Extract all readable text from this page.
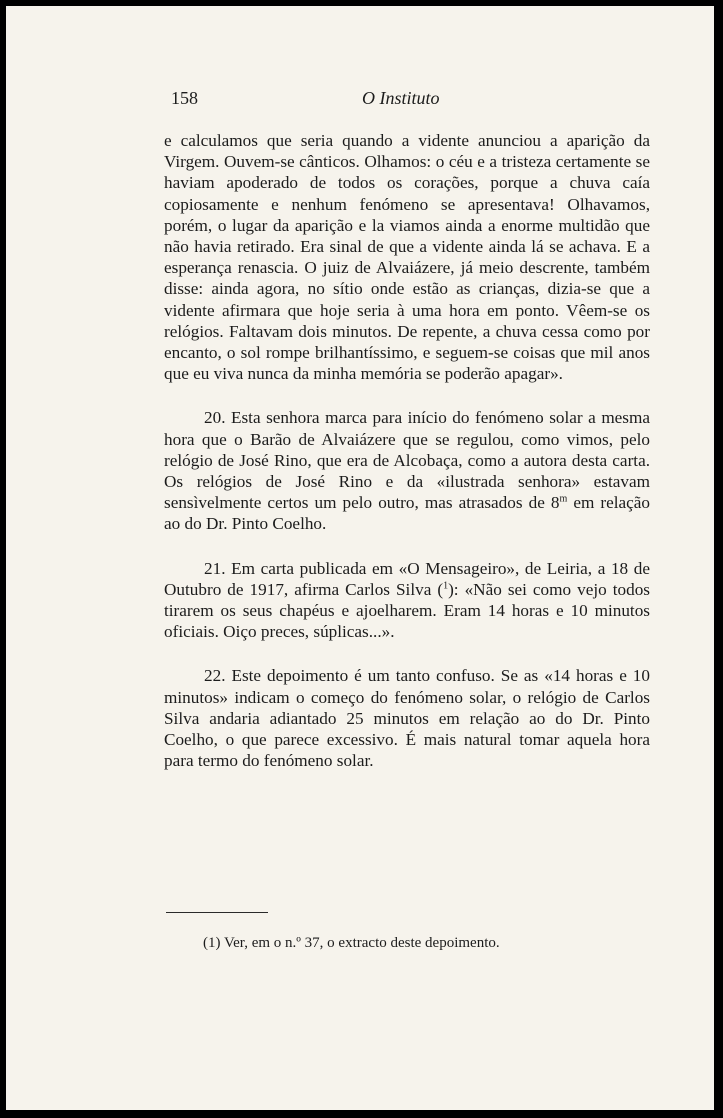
158	O Instituto

e calculamos que seria quando a vidente anunciou a aparição da Virgem. Ouvem-se cânticos. Olhamos: o céu e a tristeza certamente se haviam apoderado de todos os corações, porque a chuva caía copiosamente e nenhum fenómeno se apresentava! Olhavamos, porém, o lugar da aparição e la viamos ainda a enorme multidão que não havia retirado. Era sinal de que a vidente ainda lá se achava. E a esperança renascia. O juiz de Alvaiázere, já meio descrente, também disse: ainda agora, no sítio onde estão as crianças, dizia-se que a vidente afirmara que hoje seria à uma hora em ponto. Vêem-se os relógios. Faltavam dois minutos. De repente, a chuva cessa como por encanto, o sol rompe brilhantíssimo, e seguem-se coisas que mil anos que eu viva nunca da minha memória se poderão apagar».

20. Esta senhora marca para início do fenómeno solar a mesma hora que o Barão de Alvaiázere que se regulou, como vimos, pelo relógio de José Rino, que era de Alcobaça, como a autora desta carta. Os relógios de José Rino e da «ilustrada senhora» estavam sensìvelmente certos um pelo outro, mas atrasados de 8$^m$ em relação ao do Dr. Pinto Coelho.

21. Em carta publicada em «O Mensageiro», de Leiria, a 18 de Outubro de 1917, afirma Carlos Silva ($^1$): «Não sei como vejo todos tirarem os seus chapéus e ajoelharem. Eram 14 horas e 10 minutos oficiais. Oiço preces, súplicas...».

22. Este depoimento é um tanto confuso. Se as «14 horas e 10 minutos» indicam o começo do fenómeno solar, o relógio de Carlos Silva andaria adiantado 25 minutos em relação ao do Dr. Pinto Coelho, o que parece excessivo. É mais natural tomar aquela hora para termo do fenómeno solar.

(1) Ver, em o n.º 37, o extracto deste depoimento.
